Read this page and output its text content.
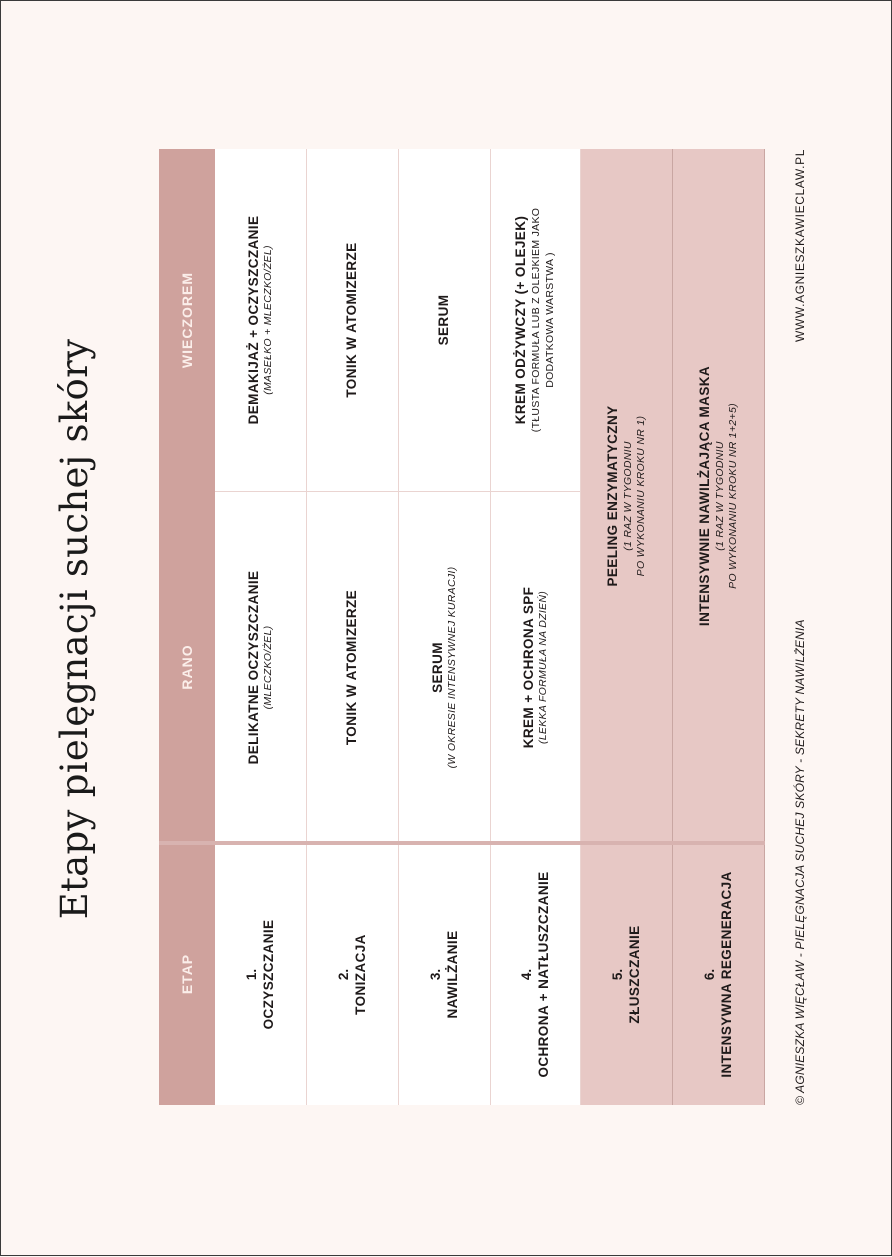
Etapy pielęgnacji suchej skóry
ETAP
RANO
WIECZOREM
1. OCZYSZCZANIE
DELIKATNE OCZYSZCZANIE (MLECZKO/ŻEL)
DEMAKIJAŻ + OCZYSZCZANIE (MASEŁKO + MLECZKO/ŻEL)
2. TONIZACJA
TONIK W ATOMIZERZE
TONIK W ATOMIZERZE
3. NAWILŻANIE
SERUM (W OKRESIE INTENSYWNEJ KURACJI)
SERUM
4. OCHRONA + NATŁUSZCZANIE
KREM + OCHRONA SPF (LEKKA FORMUŁA NA DZIEŃ)
KREM ODŻYWCZY (+ OLEJEK) (TŁUSTA FORMUŁA LUB Z OLEJKIEM JAKO DODATKOWA WARSTWA )
5. ZŁUSZCZANIE
PEELING ENZYMATYCZNY (1 RAZ W TYGODNIU PO WYKONANIU KROKU NR 1)
6. INTENSYWNA REGENERACJA
INTENSYWNIE NAWILŻAJĄCA MASKA (1 RAZ W TYGODNIU PO WYKONANIU KROKU NR 1+2+5)
© AGNIESZKA WIĘCŁAW - PIELĘGNACJA SUCHEJ SKÓRY - SEKRETY NAWILŻENIA
WWW.AGNIESZKAWIECLAW.PL
